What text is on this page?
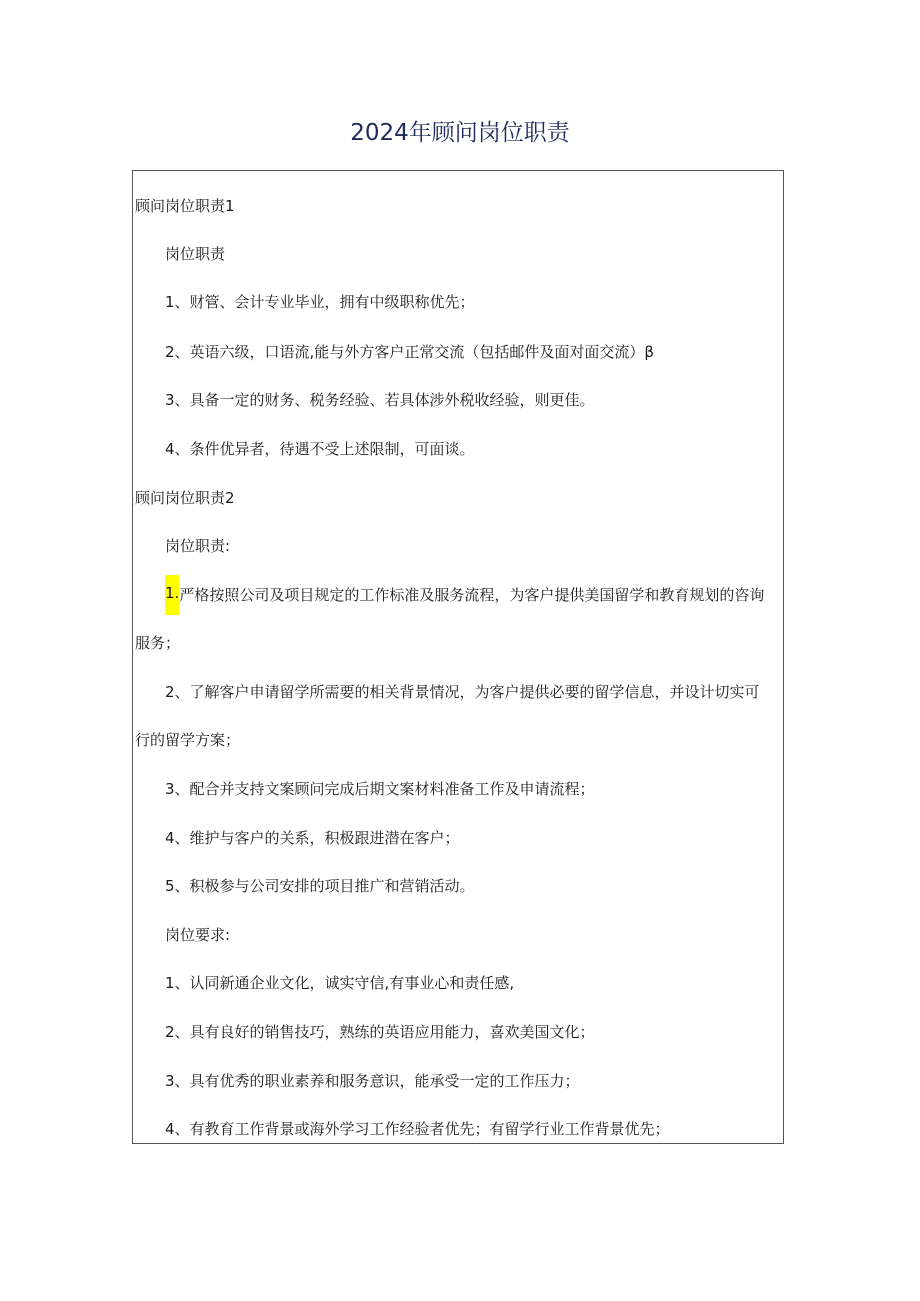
2024年顾问岗位职责
顾问岗位职责1
岗位职责
1、财管、会计专业毕业，拥有中级职称优先；
2、英语六级，口语流,能与外方客户正常交流（包括邮件及面对面交流）β
3、具备一定的财务、税务经验、若具体涉外税收经验，则更佳。
4、条件优异者，待遇不受上述限制，可面谈。
顾问岗位职责2
岗位职责:
1.严格按照公司及项目规定的工作标准及服务流程，为客户提供美国留学和教育规划的咨询
服务；
2、了解客户申请留学所需要的相关背景情况，为客户提供必要的留学信息，并设计切实可
行的留学方案；
3、配合并支持文案顾问完成后期文案材料准备工作及申请流程；
4、维护与客户的关系，积极跟进潜在客户；
5、积极参与公司安排的项目推广和营销活动。
岗位要求:
1、认同新通企业文化，诚实守信,有事业心和责任感,
2、具有良好的销售技巧，熟练的英语应用能力，喜欢美国文化；
3、具有优秀的职业素养和服务意识，能承受一定的工作压力；
4、有教育工作背景或海外学习工作经验者优先；有留学行业工作背景优先；
